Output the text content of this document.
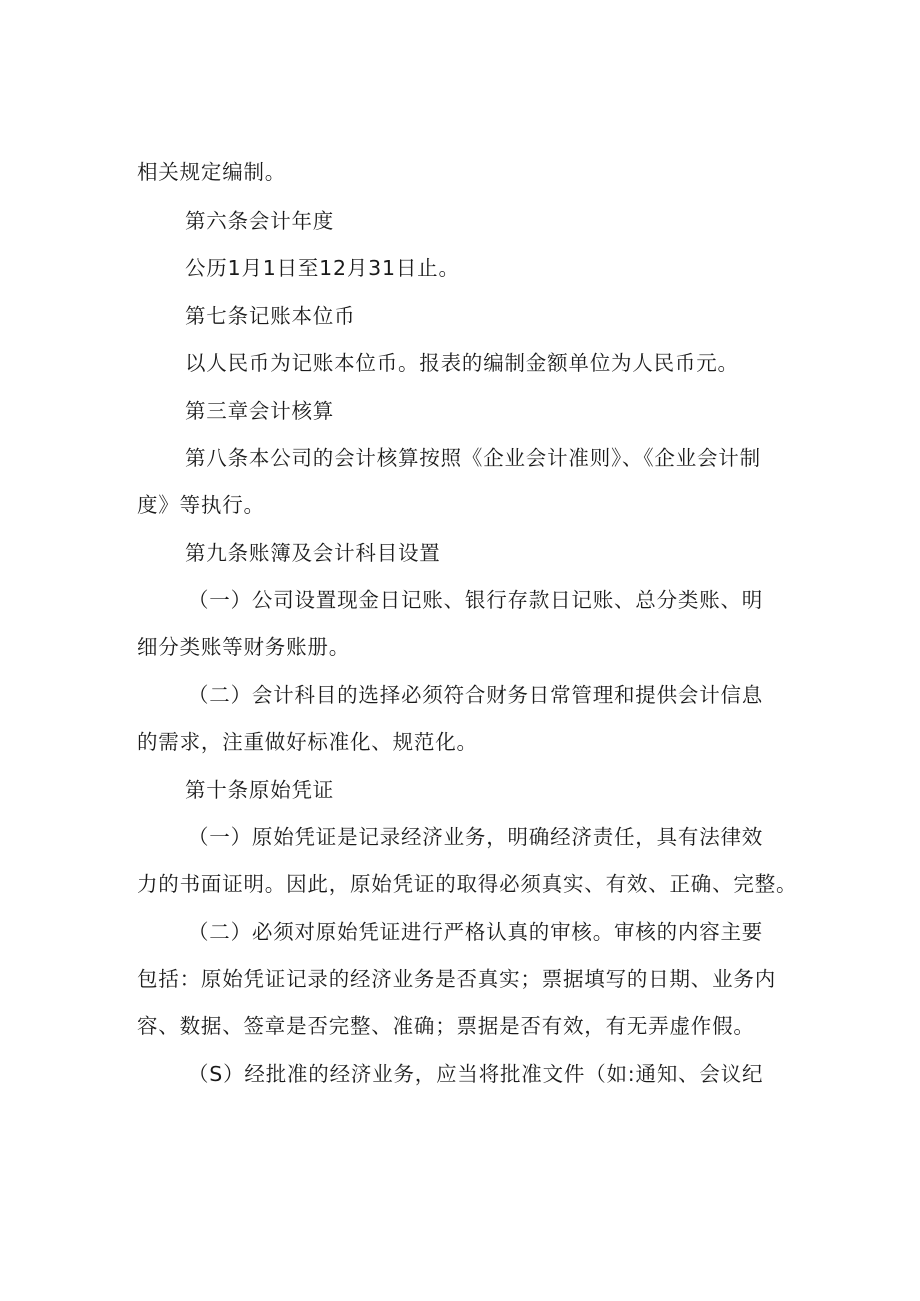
相关规定编制。
第六条会计年度
公历1月1日至12月31日止。
第七条记账本位币
以人民币为记账本位币。报表的编制金额单位为人民币元。
第三章会计核算
第八条本公司的会计核算按照《企业会计准则》、《企业会计制
度》等执行。
第九条账簿及会计科目设置
（一）公司设置现金日记账、银行存款日记账、总分类账、明
细分类账等财务账册。
（二）会计科目的选择必须符合财务日常管理和提供会计信息
的需求，注重做好标准化、规范化。
第十条原始凭证
（一）原始凭证是记录经济业务，明确经济责任，具有法律效
力的书面证明。因此，原始凭证的取得必须真实、有效、正确、完整。
（二）必须对原始凭证进行严格认真的审核。审核的内容主要
包括：原始凭证记录的经济业务是否真实；票据填写的日期、业务内
容、数据、签章是否完整、准确；票据是否有效，有无弄虚作假。
（S）经批准的经济业务，应当将批准文件（如:通知、会议纪
